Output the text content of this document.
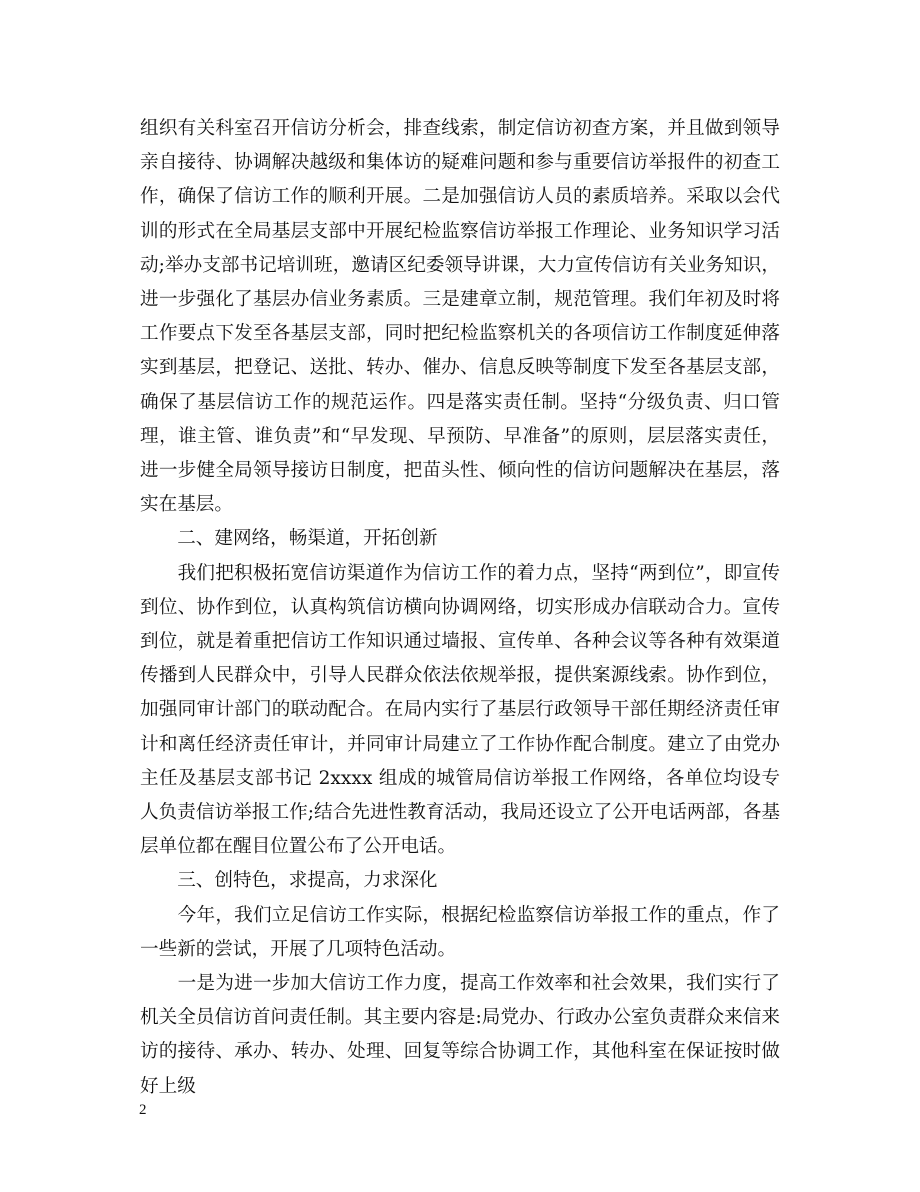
组织有关科室召开信访分析会，排查线索，制定信访初查方案，并且做到领导亲自接待、协调解决越级和集体访的疑难问题和参与重要信访举报件的初查工作，确保了信访工作的顺利开展。二是加强信访人员的素质培养。采取以会代训的形式在全局基层支部中开展纪检监察信访举报工作理论、业务知识学习活动;举办支部书记培训班，邀请区纪委领导讲课，大力宣传信访有关业务知识，进一步强化了基层办信业务素质。三是建章立制，规范管理。我们年初及时将工作要点下发至各基层支部，同时把纪检监察机关的各项信访工作制度延伸落实到基层，把登记、送批、转办、催办、信息反映等制度下发至各基层支部，确保了基层信访工作的规范运作。四是落实责任制。坚持“分级负责、归口管理，谁主管、谁负责”和“早发现、早预防、早准备”的原则，层层落实责任，进一步健全局领导接访日制度，把苗头性、倾向性的信访问题解决在基层，落实在基层。

　　二、建网络，畅渠道，开拓创新

　　我们把积极拓宽信访渠道作为信访工作的着力点，坚持“两到位”，即宣传到位、协作到位，认真构筑信访横向协调网络，切实形成办信联动合力。宣传到位，就是着重把信访工作知识通过墙报、宣传单、各种会议等各种有效渠道传播到人民群众中，引导人民群众依法依规举报，提供案源线索。协作到位，加强同审计部门的联动配合。在局内实行了基层行政领导干部任期经济责任审计和离任经济责任审计，并同审计局建立了工作协作配合制度。建立了由党办主任及基层支部书记 2xxxx 组成的城管局信访举报工作网络，各单位均设专人负责信访举报工作;结合先进性教育活动，我局还设立了公开电话两部，各基层单位都在醒目位置公布了公开电话。

　　三、创特色，求提高，力求深化

　　今年，我们立足信访工作实际，根据纪检监察信访举报工作的重点，作了一些新的尝试，开展了几项特色活动。

　　一是为进一步加大信访工作力度，提高工作效率和社会效果，我们实行了机关全员信访首问责任制。其主要内容是:局党办、行政办公室负责群众来信来访的接待、承办、转办、处理、回复等综合协调工作，其他科室在保证按时做好上级

2
